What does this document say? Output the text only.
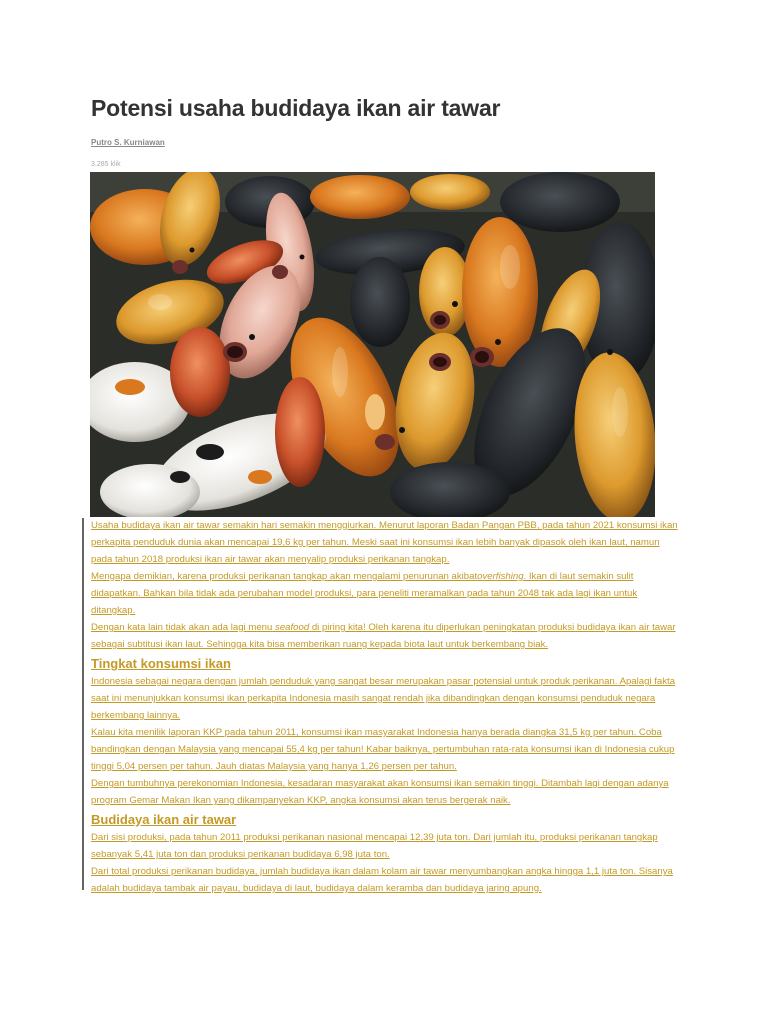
Potensi usaha budidaya ikan air tawar
Putro S. Kurniawan
3.285 klik

Usaha budidaya ikan air tawar semakin hari semakin menggiurkan. Menurut laporan Badan Pangan PBB, pada tahun 2021 konsumsi ikan perkapita penduduk dunia akan mencapai 19,6 kg per tahun. Meski saat ini konsumsi ikan lebih banyak dipasok oleh ikan laut, namun pada tahun 2018 produksi ikan air tawar akan menyalip produksi perikanan tangkap.

Mengapa demikian, karena produksi perikanan tangkap akan mengalami penurunan akibatoverfishing. Ikan di laut semakin sulit didapatkan. Bahkan bila tidak ada perubahan model produksi, para peneliti meramalkan pada tahun 2048 tak ada lagi ikan untuk ditangkap.

Dengan kata lain tidak akan ada lagi menu seafood di piring kita! Oleh karena itu diperlukan peningkatan produksi budidaya ikan air tawar sebagai subtitusi ikan laut. Sehingga kita bisa memberikan ruang kepada biota laut untuk berkembang biak.

Tingkat konsumsi ikan

Indonesia sebagai negara dengan jumlah penduduk yang sangat besar merupakan pasar potensial untuk produk perikanan. Apalagi fakta saat ini menunjukkan konsumsi ikan perkapita Indonesia masih sangat rendah jika dibandingkan dengan konsumsi penduduk negara berkembang lainnya.

Kalau kita menilik laporan KKP pada tahun 2011, konsumsi ikan masyarakat Indonesia hanya berada diangka 31,5 kg per tahun. Coba bandingkan dengan Malaysia yang mencapai 55,4 kg per tahun! Kabar baiknya, pertumbuhan rata-rata konsumsi ikan di Indonesia cukup tinggi 5,04 persen per tahun. Jauh diatas Malaysia yang hanya 1,26 persen per tahun.

Dengan tumbuhnya perekonomian Indonesia, kesadaran masyarakat akan konsumsi ikan semakin tinggi. Ditambah lagi dengan adanya program Gemar Makan Ikan yang dikampanyekan KKP, angka konsumsi akan terus bergerak naik.

Budidaya ikan air tawar

Dari sisi produksi, pada tahun 2011 produksi perikanan nasional mencapai 12,39 juta ton. Dari jumlah itu, produksi perikanan tangkap sebanyak 5,41 juta ton dan produksi perikanan budidaya 6,98 juta ton.

Dari total produksi perikanan budidaya, jumlah budidaya ikan dalam kolam air tawar menyumbangkan angka hingga 1,1 juta ton. Sisanya adalah budidaya tambak air payau, budidaya di laut, budidaya dalam keramba dan budidaya jaring apung.
